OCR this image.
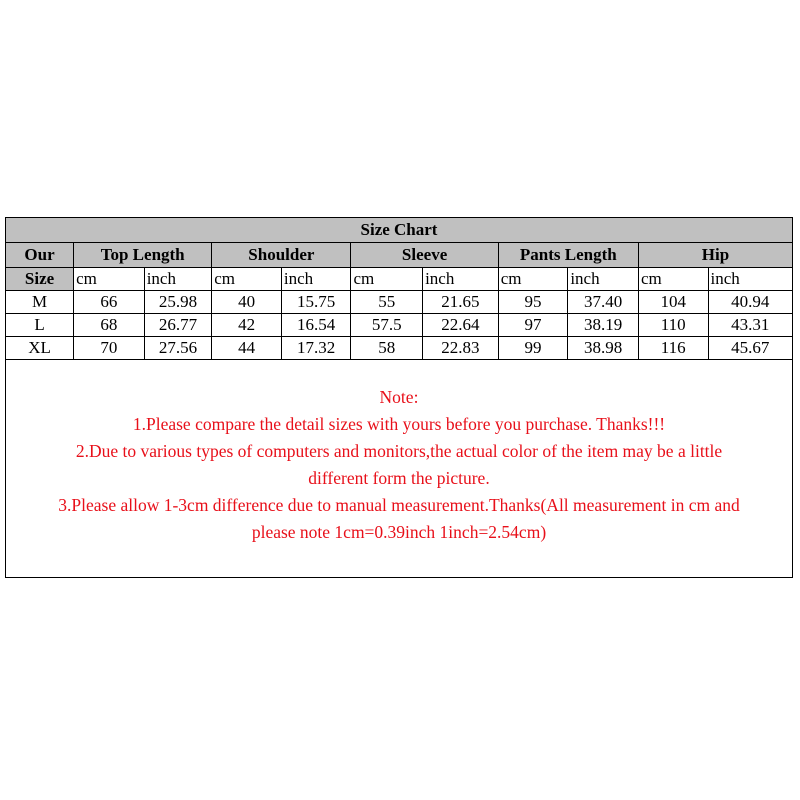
Size Chart										
Our	Top Length		Shoulder		Sleeve		Pants Length		Hip	
Size	cm	inch	cm	inch	cm	inch	cm	inch	cm	inch
M	66	25.98	40	15.75	55	21.65	95	37.40	104	40.94
L	68	26.77	42	16.54	57.5	22.64	97	38.19	110	43.31
XL	70	27.56	44	17.32	58	22.83	99	38.98	116	45.67
Note:
1.Please compare the detail sizes with yours before you purchase. Thanks!!!
2.Due to various types of computers and monitors,the actual color of the item may be a little
different form the picture.
3.Please allow 1-3cm difference due to manual measurement.Thanks(All measurement in cm and
please note 1cm=0.39inch 1inch=2.54cm)
